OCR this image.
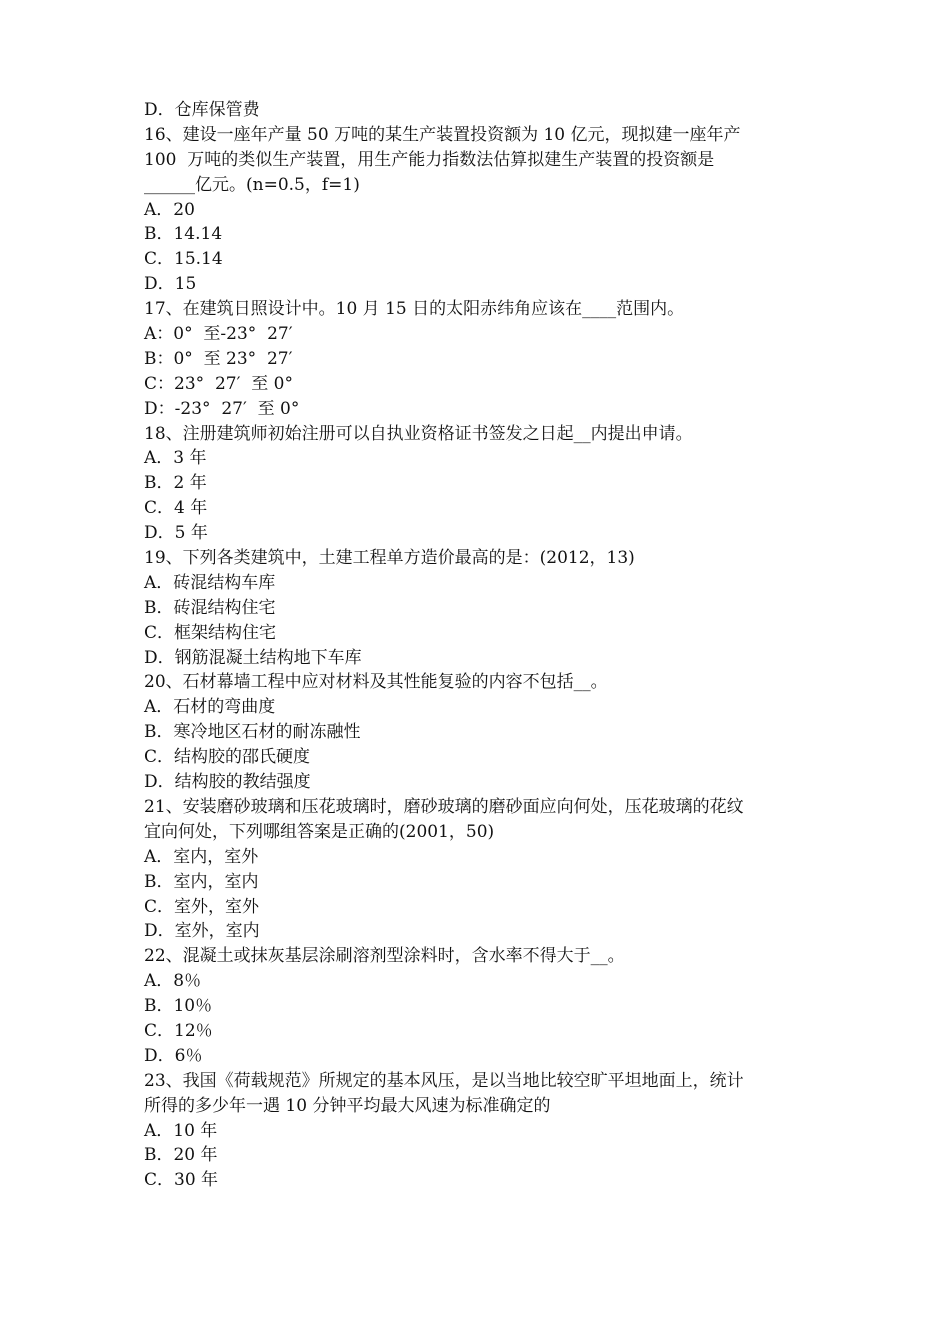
D．仓库保管费
16、建设一座年产量 50 万吨的某生产装置投资额为 10 亿元，现拟建一座年产
100  万吨的类似生产装置，用生产能力指数法估算拟建生产装置的投资额是
______亿元。(n=0.5，f=1)
A．20
B．14.14
C．15.14
D．15
17、在建筑日照设计中。10 月 15 日的太阳赤纬角应该在____范围内。
A：0°  至-23°  27′
B：0°  至 23°  27′
C：23°  27′  至 0°
D：-23°  27′  至 0°
18、注册建筑师初始注册可以自执业资格证书签发之日起__内提出申请。
A．3 年
B．2 年
C．4 年
D．5 年
19、下列各类建筑中，土建工程单方造价最高的是：(2012，13)
A．砖混结构车库
B．砖混结构住宅
C．框架结构住宅
D．钢筋混凝土结构地下车库
20、石材幕墙工程中应对材料及其性能复验的内容不包括__。
A．石材的弯曲度
B．寒冷地区石材的耐冻融性
C．结构胶的邵氏硬度
D．结构胶的教结强度
21、安装磨砂玻璃和压花玻璃时，磨砂玻璃的磨砂面应向何处，压花玻璃的花纹
宜向何处，下列哪组答案是正确的(2001，50)
A．室内，室外
B．室内，室内
C．室外，室外
D．室外，室内
22、混凝土或抹灰基层涂刷溶剂型涂料时，含水率不得大于__。
A．8％
B．10％
C．12％
D．6％
23、我国《荷载规范》所规定的基本风压，是以当地比较空旷平坦地面上，统计
所得的多少年一遇 10 分钟平均最大风速为标准确定的
A．10 年
B．20 年
C．30 年
